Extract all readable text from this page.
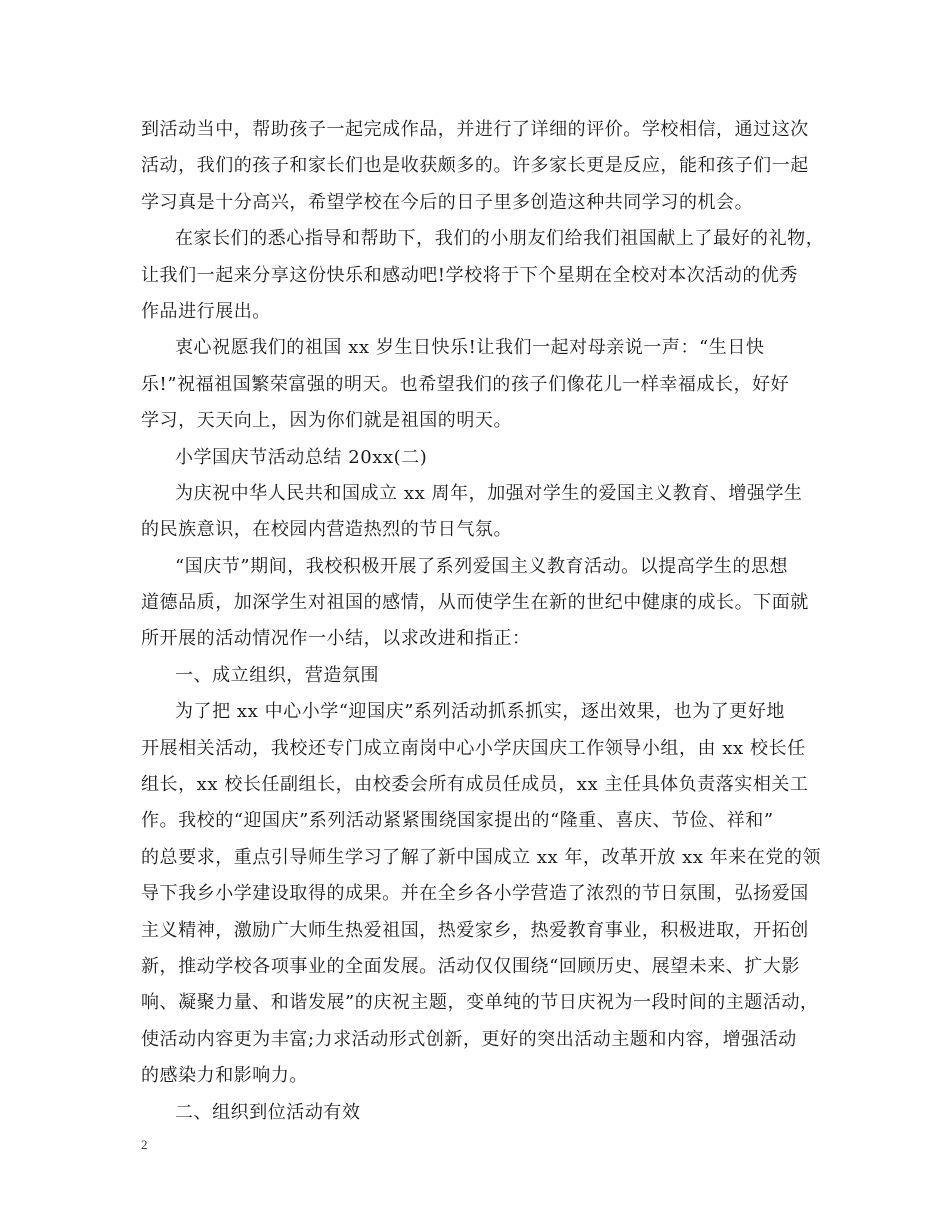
到活动当中，帮助孩子一起完成作品，并进行了详细的评价。学校相信，通过这次
活动，我们的孩子和家长们也是收获颇多的。许多家长更是反应，能和孩子们一起
学习真是十分高兴，希望学校在今后的日子里多创造这种共同学习的机会。
在家长们的悉心指导和帮助下，我们的小朋友们给我们祖国献上了最好的礼物，
让我们一起来分享这份快乐和感动吧!学校将于下个星期在全校对本次活动的优秀
作品进行展出。
衷心祝愿我们的祖国 xx 岁生日快乐!让我们一起对母亲说一声：“生日快
乐!”祝福祖国繁荣富强的明天。也希望我们的孩子们像花儿一样幸福成长，好好
学习，天天向上，因为你们就是祖国的明天。
小学国庆节活动总结 20xx(二)
为庆祝中华人民共和国成立 xx 周年，加强对学生的爱国主义教育、增强学生
的民族意识，在校园内营造热烈的节日气氛。
“国庆节”期间，我校积极开展了系列爱国主义教育活动。以提高学生的思想
道德品质，加深学生对祖国的感情，从而使学生在新的世纪中健康的成长。下面就
所开展的活动情况作一小结，以求改进和指正：
一、成立组织，营造氛围
为了把 xx 中心小学“迎国庆”系列活动抓系抓实，逐出效果，也为了更好地
开展相关活动，我校还专门成立南岗中心小学庆国庆工作领导小组，由 xx 校长任
组长，xx 校长任副组长，由校委会所有成员任成员，xx 主任具体负责落实相关工
作。我校的“迎国庆”系列活动紧紧围绕国家提出的“隆重、喜庆、节俭、祥和”
的总要求，重点引导师生学习了解了新中国成立 xx 年，改革开放 xx 年来在党的领
导下我乡小学建设取得的成果。并在全乡各小学营造了浓烈的节日氛围，弘扬爱国
主义精神，激励广大师生热爱祖国，热爱家乡，热爱教育事业，积极进取，开拓创
新，推动学校各项事业的全面发展。活动仅仅围绕“回顾历史、展望未来、扩大影
响、凝聚力量、和谐发展”的庆祝主题，变单纯的节日庆祝为一段时间的主题活动，
使活动内容更为丰富;力求活动形式创新，更好的突出活动主题和内容，增强活动
的感染力和影响力。
二、组织到位活动有效
2
